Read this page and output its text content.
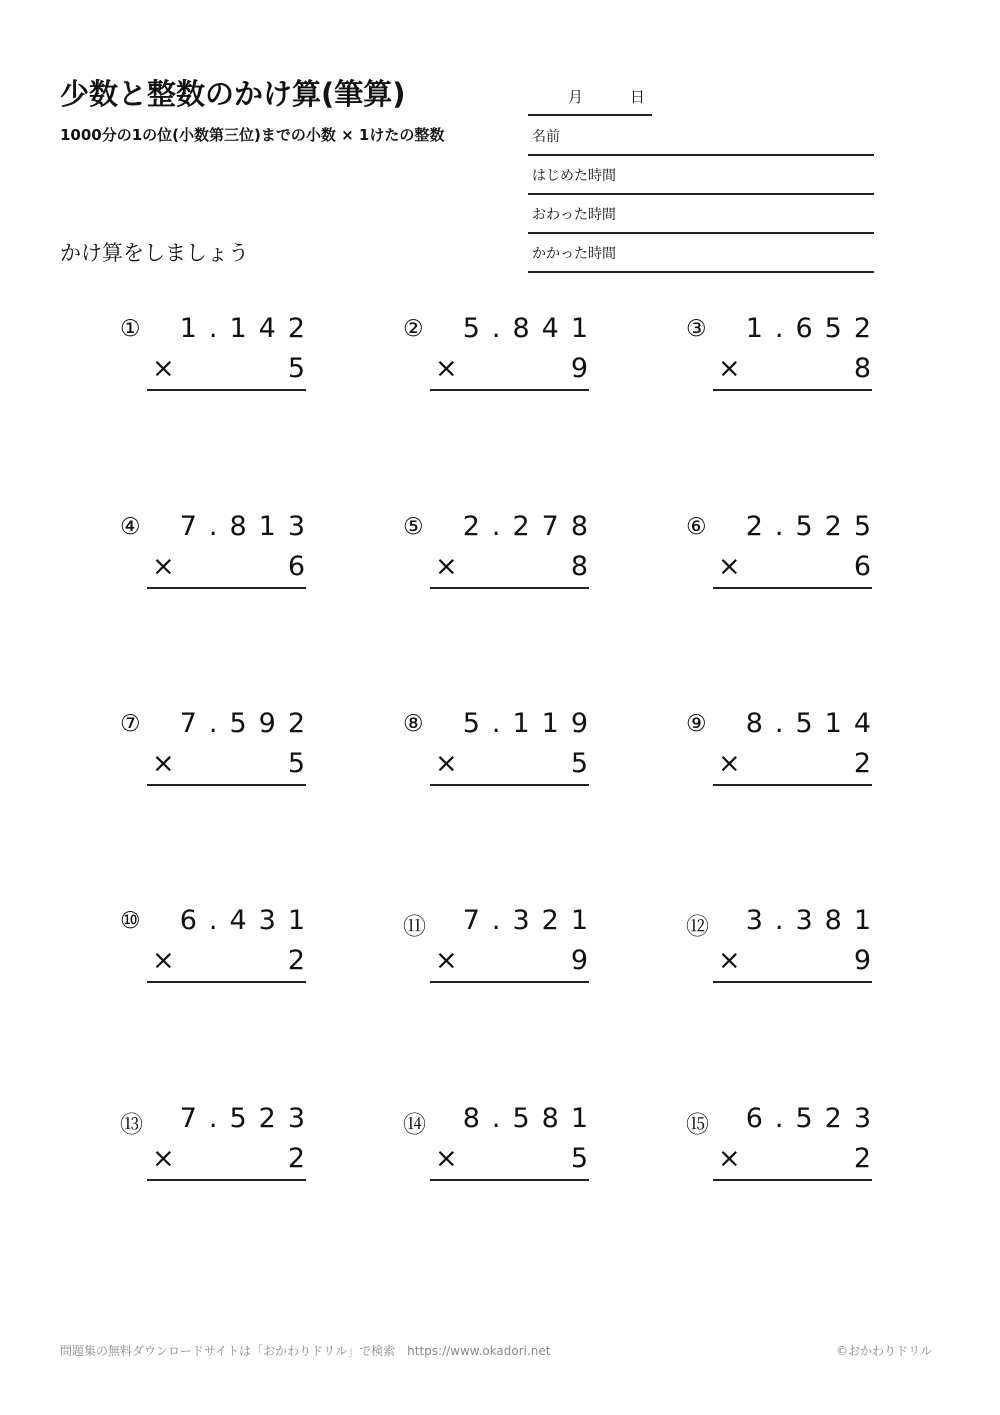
少数と整数のかけ算(筆算)
1000分の1の位(小数第三位)までの小数 × 1けたの整数
かけ算をしましょう
月	日
名前
はじめた時間
おわった時間
かかった時間
① 1.142
×	5
② 5.841
×	9
③ 1.652
×	8
④ 7.813
×	6
⑤ 2.278
×	8
⑥ 2.525
×	6
⑦ 7.592
×	5
⑧ 5.119
×	5
⑨ 8.514
×	2
⑩ 6.431
×	2
⑪ 7.321
×	9
⑫ 3.381
×	9
⑬ 7.523
×	2
⑭ 8.581
×	5
⑮ 6.523
×	2
問題集の無料ダウンロードサイトは「おかわりドリル」で検索　https://www.okadori.net	©おかわりドリル
